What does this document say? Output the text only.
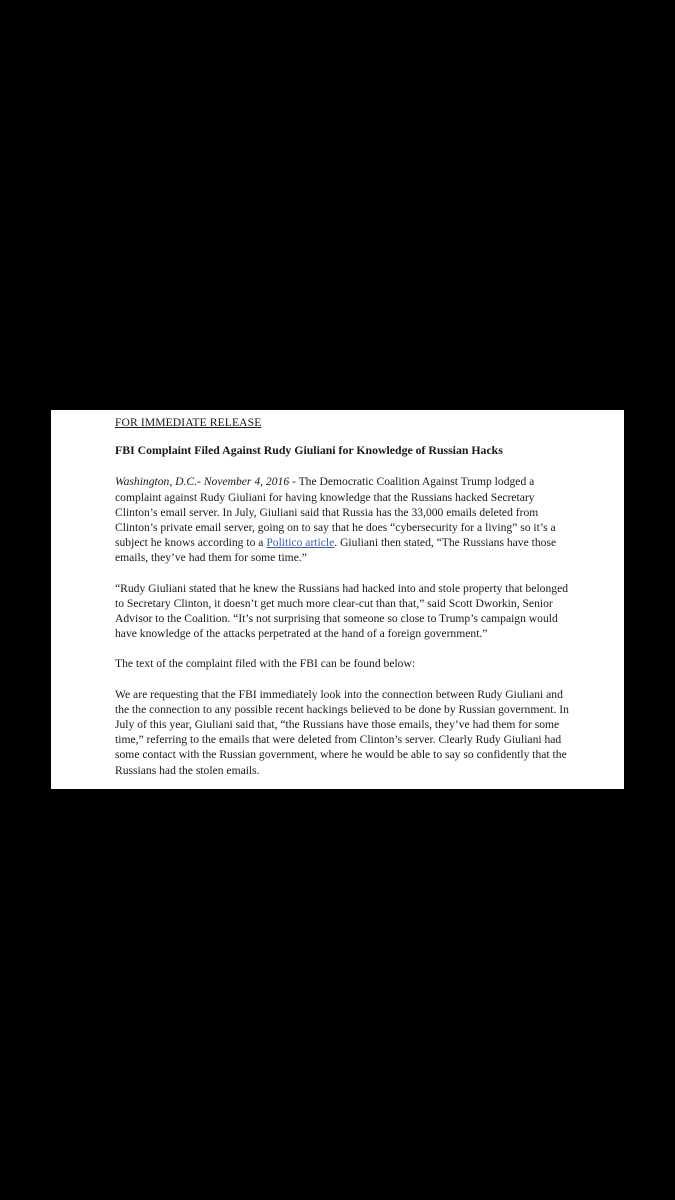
FOR IMMEDIATE RELEASE

FBI Complaint Filed Against Rudy Giuliani for Knowledge of Russian Hacks

Washington, D.C.- November 4, 2016 - The Democratic Coalition Against Trump lodged a complaint against Rudy Giuliani for having knowledge that the Russians hacked Secretary Clinton’s email server. In July, Giuliani said that Russia has the 33,000 emails deleted from Clinton’s private email server, going on to say that he does “cybersecurity for a living” so it’s a subject he knows according to a Politico article. Giuliani then stated, “The Russians have those emails, they’ve had them for some time.”

“Rudy Giuliani stated that he knew the Russians had hacked into and stole property that belonged to Secretary Clinton, it doesn’t get much more clear-cut than that,” said Scott Dworkin, Senior Advisor to the Coalition. “It’s not surprising that someone so close to Trump’s campaign would have knowledge of the attacks perpetrated at the hand of a foreign government.”

The text of the complaint filed with the FBI can be found below:

We are requesting that the FBI immediately look into the connection between Rudy Giuliani and the the connection to any possible recent hackings believed to be done by Russian government. In July of this year, Giuliani said that, “the Russians have those emails, they’ve had them for some time,” referring to the emails that were deleted from Clinton’s server. Clearly Rudy Giuliani had some contact with the Russian government, where he would be able to say so confidently that the Russians had the stolen emails.
